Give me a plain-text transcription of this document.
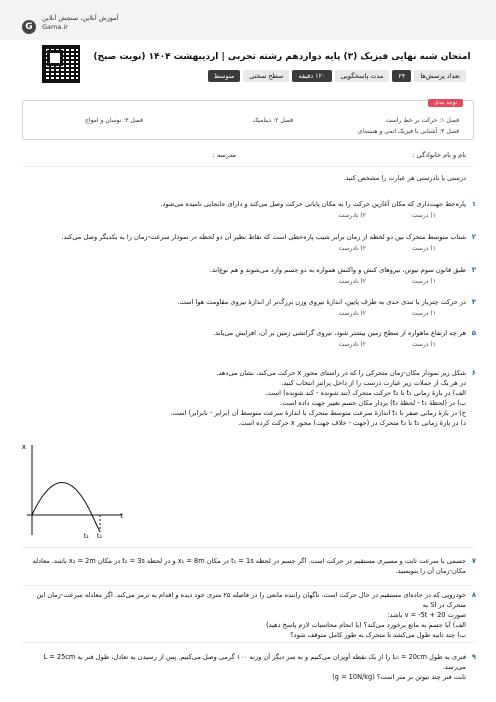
G
آموزش آنلاین، سنجش آنلاین
Gama.ir
امتحان شبه نهایی فیزیک (۳) پایه دوازدهم رشته تجربی | اردیبهشت ۱۴۰۴ (نوبت صبح)
تعداد پرسش‌ها
۲۴
مدت پاسخگویی
۱۲۰ دقیقه
سطح سختی
متوسط
توجه بندی
فصل ۱: حرکت بر خط راست
فصل ۲: دینامیک
فصل ۳: نوسان و امواج
فصل ۴: آشنایی با فیزیک اتمی و هسته‌ای
نام و نام خانوادگی :
مدرسه :
درستی یا نادرستی هر عبارت را مشخص کنید.
۱
پاره‌خط جهت‌داری که مکان آغازین حرکت را به مکان پایانی حرکت وصل می‌کند و دارای جابجایی نامیده می‌شود.
۱) درست
۲) نادرست
۲
شتاب متوسط متحرک بین دو لحظه از زمان برابر شیب پاره‌خطی است که نقاط نظیر آن دو لحظه در نمودار سرعت-زمان را به یکدیگر وصل می‌کند.
۱) درست
۲) نادرست
۳
طبق قانون سوم نیوتن، نیروهای کنش و واکنش همواره به دو جسم وارد می‌شوند و هم نوع‌اند.
۱) درست
۲) نادرست
۴
در حرکت چترباز با تندی حدی به طرف پایین، اندازهٔ نیروی وزن بزرگ‌تر از اندازهٔ نیروی مقاومت هوا است.
۱) درست
۲) نادرست
۵
هر چه ارتفاع ماهواره از سطح زمین بیشتر شود، نیروی گرانشی زمین بر آن، افزایش می‌یابد.
۱) درست
۲) نادرست
۶
شکل زیر نمودار مکان-زمان متحرکی را که در راستای محور x حرکت می‌کند، نشان می‌دهد.
در هر یک از جملات زیر عبارت درست را از داخل پرانتز انتخاب کنید.
الف) در بازهٔ زمانی t₁ تا t₂ حرکت متحرک (تند شونده - کند شونده) است.
ب) در (لحظهٔ t₁ - لحظهٔ t₂) بردار مکان جسم تغییر جهت داده است.
ج) در بازهٔ زمانی صفر تا t₁ اندازهٔ سرعت متوسط متحرک با اندازهٔ سرعت متوسط آن (برابر - نابرابر) است.
د) در بازهٔ زمانی t₁ تا t₂ متحرک در (جهت - خلاف جهت) محور x حرکت کرده است.
x
t
t₁ t₂
۷
جسمی با سرعت ثابت و مسیری مستقیم در حرکت است. اگر جسم در لحظه t₁ = 1s در مکان x₁ = 8m و در لحظه t₂ = 3s در مکان x₂ = 2m باشد، معادله
مکان-زمان آن را بنویسید.
۸
خودرویی که در جاده‌ای مستقیم در حال حرکت است، ناگهان راننده مانعی را در فاصله ۲۵ متری خود دیده و اقدام به ترمز می‌کند. اگر معادله سرعت-زمان این متحرک در SI به
صورت v = -5t + 20 باشد:
الف) آیا جسم به مانع برخورد می‌کند؟ (با انجام محاسبات لازم پاسخ دهید)
ب) چند ثانیه طول می‌کشد تا متحرک به طور کامل متوقف شود؟
۹
فنری به طول L₀ = 20cm را از یک نقطه آویزان می‌کنیم و به سر دیگر آن وزنه ۱۰۰ گرمی وصل می‌کنیم. پس از رسیدن به تعادل، طول فنر به L = 25cm می‌رسد.
ثابت فنر چند نیوتن بر متر است؟ (g = 10N/kg)
